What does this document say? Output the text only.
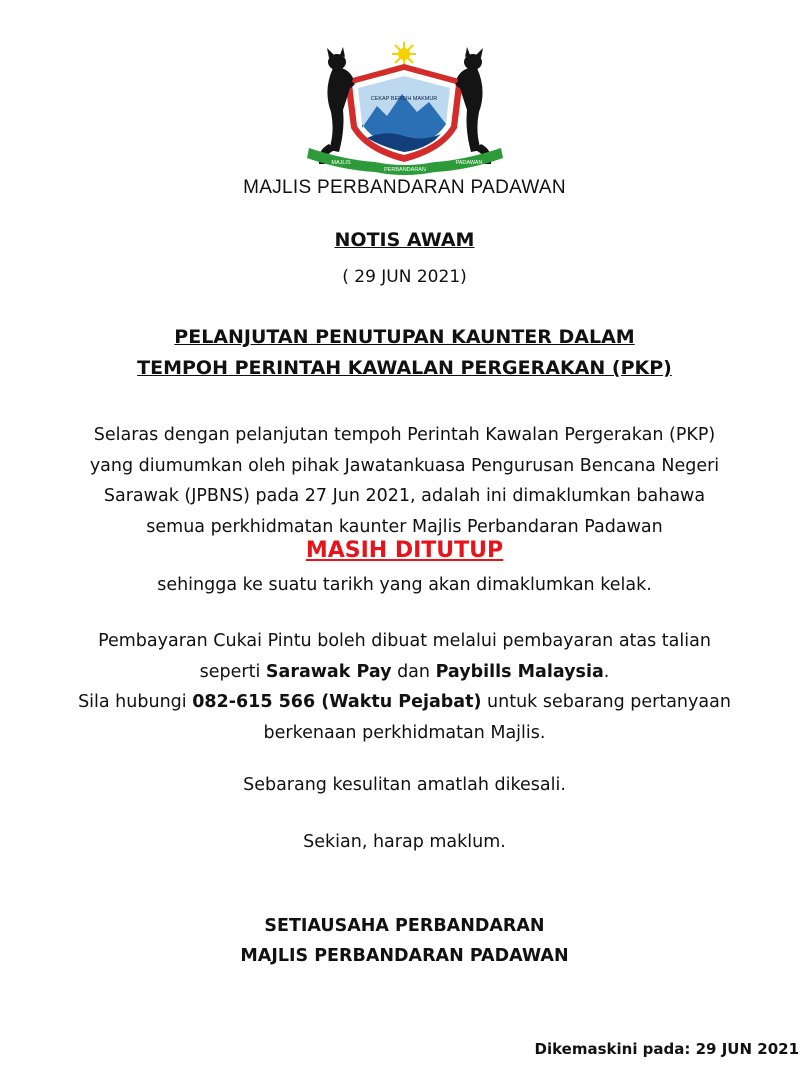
CEKAP BERSIH MAKMUR
MAJLIS
PERBANDARAN
PADAWAN
MAJLIS PERBANDARAN PADAWAN
NOTIS AWAM
( 29 JUN 2021)
PELANJUTAN PENUTUPAN KAUNTER DALAM
TEMPOH PERINTAH KAWALAN PERGERAKAN (PKP)
Selaras dengan pelanjutan tempoh Perintah Kawalan Pergerakan (PKP)
yang diumumkan oleh pihak Jawatankuasa Pengurusan Bencana Negeri
Sarawak (JPBNS) pada 27 Jun 2021, adalah ini dimaklumkan bahawa
semua perkhidmatan kaunter Majlis Perbandaran Padawan
MASIH DITUTUP
sehingga ke suatu tarikh yang akan dimaklumkan kelak.
Pembayaran Cukai Pintu boleh dibuat melalui pembayaran atas talian
seperti Sarawak Pay dan Paybills Malaysia.
Sila hubungi 082-615 566 (Waktu Pejabat) untuk sebarang pertanyaan
berkenaan perkhidmatan Majlis.
Sebarang kesulitan amatlah dikesali.
Sekian, harap maklum.
SETIAUSAHA PERBANDARAN
MAJLIS PERBANDARAN PADAWAN
Dikemaskini pada: 29 JUN 2021
